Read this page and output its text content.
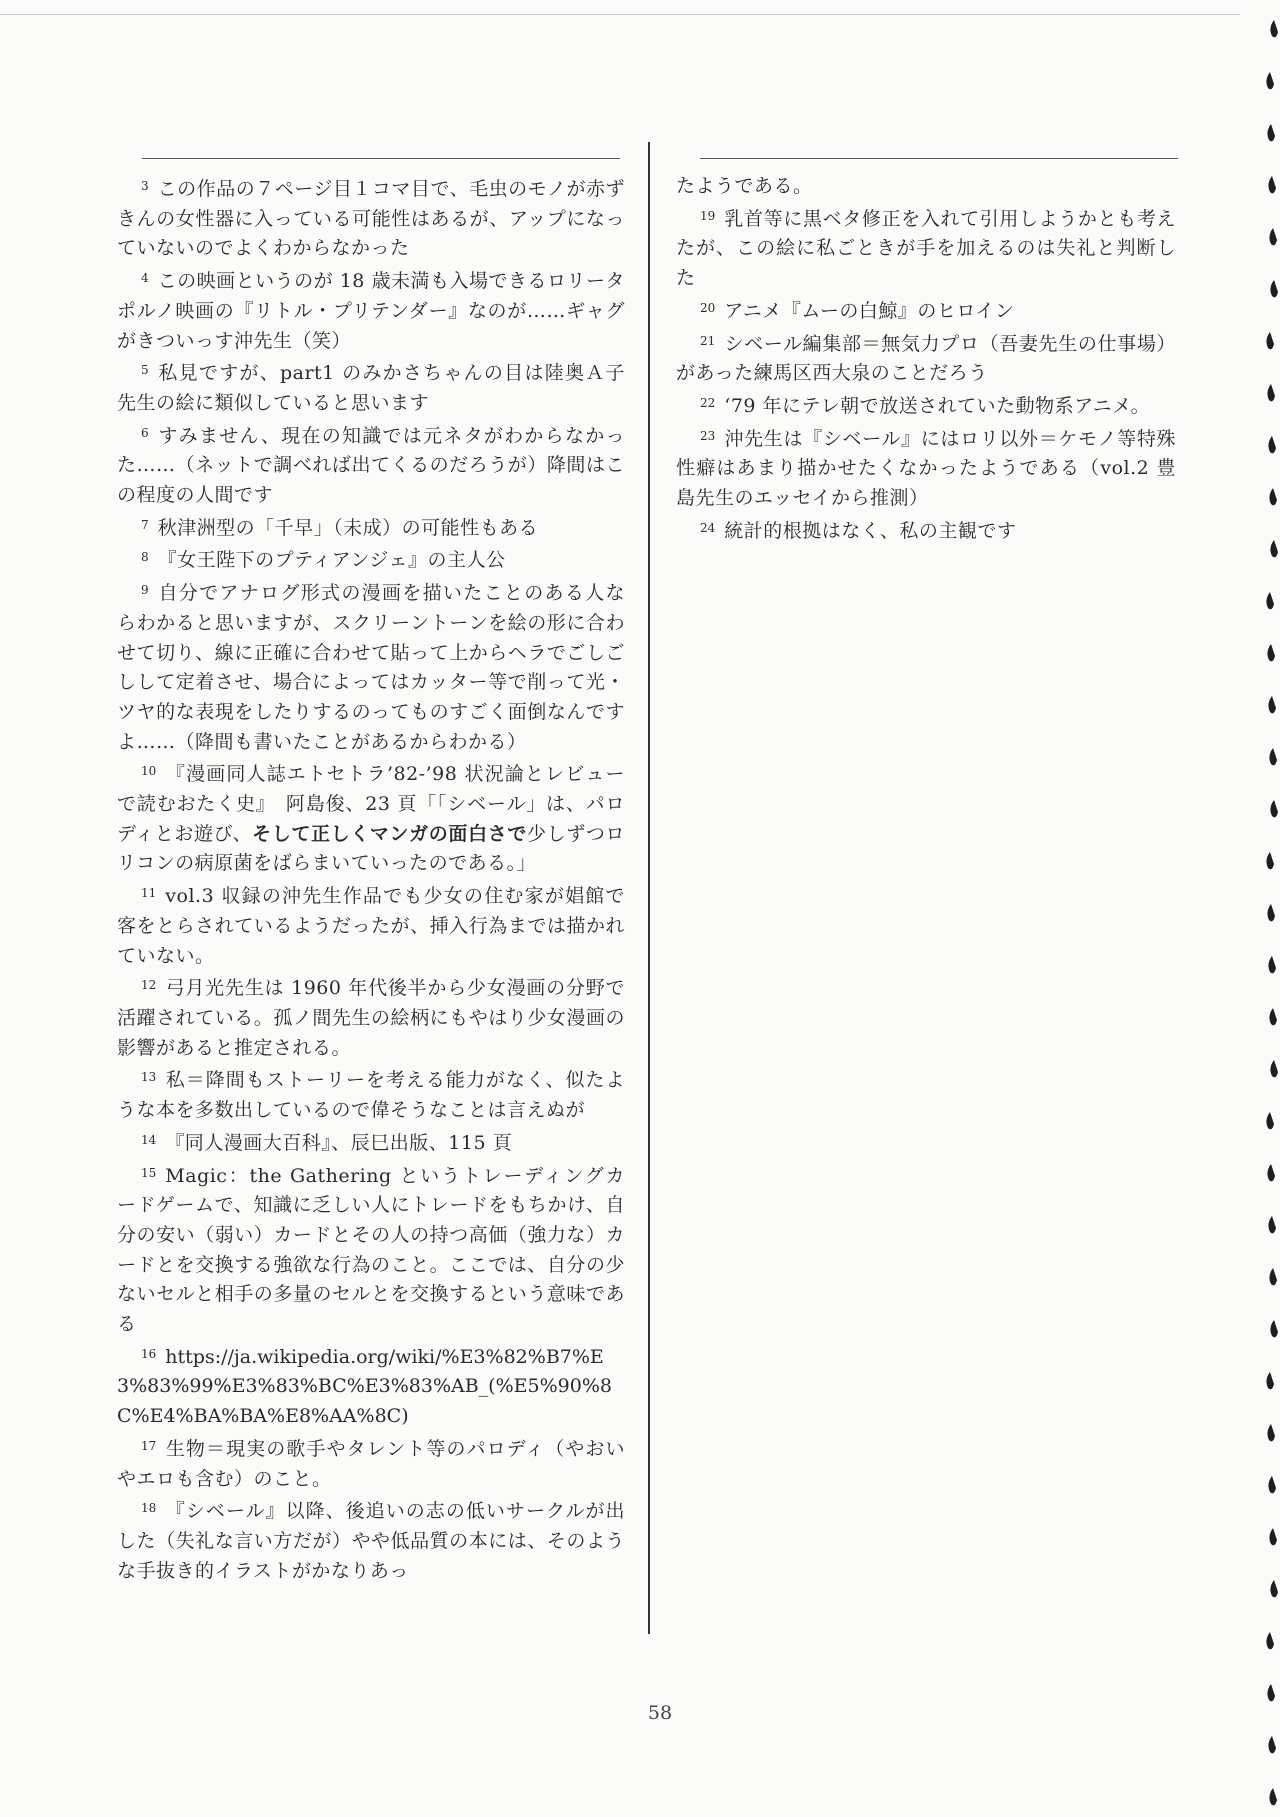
$^3$ この作品の７ページ目１コマ目で、毛虫のモノが赤ずきんの女性器に入っている可能性はあるが、アップになっていないのでよくわからなかった

$^4$ この映画というのが 18 歳未満も入場できるロリータポルノ映画の『リトル・プリテンダー』なのが……ギャグがきついっす沖先生（笑）

$^5$ 私見ですが、part1 のみかさちゃんの目は陸奥Ａ子先生の絵に類似していると思います

$^6$ すみません、現在の知識では元ネタがわからなかった……（ネットで調べれば出てくるのだろうが）降間はこの程度の人間です

$^7$ 秋津洲型の「千早」（未成）の可能性もある

$^8$ 『女王陛下のプティアンジェ』の主人公

$^9$ 自分でアナログ形式の漫画を描いたことのある人ならわかると思いますが、スクリーントーンを絵の形に合わせて切り、線に正確に合わせて貼って上からヘラでごしごしして定着させ、場合によってはカッター等で削って光・ツヤ的な表現をしたりするのってものすごく面倒なんですよ……（降間も書いたことがあるからわかる）

$^{10}$ 『漫画同人誌エトセトラ’82-’98 状況論とレビューで読むおたく史』　阿島俊、23 頁「「シベール」は、パロディとお遊び、そして正しくマンガの面白さで少しずつロリコンの病原菌をばらまいていったのである。」

$^{11}$ vol.3 収録の沖先生作品でも少女の住む家が娼館で客をとらされているようだったが、挿入行為までは描かれていない。

$^{12}$ 弓月光先生は 1960 年代後半から少女漫画の分野で活躍されている。孤ノ間先生の絵柄にもやはり少女漫画の影響があると推定される。

$^{13}$ 私＝降間もストーリーを考える能力がなく、似たような本を多数出しているので偉そうなことは言えぬが

$^{14}$ 『同人漫画大百科』、辰巳出版、115 頁

$^{15}$ Magic：the Gathering というトレーディングカードゲームで、知識に乏しい人にトレードをもちかけ、自分の安い（弱い）カードとその人の持つ高価（強力な）カードとを交換する強欲な行為のこと。ここでは、自分の少ないセルと相手の多量のセルとを交換するという意味である

$^{16}$ https://ja.wikipedia.org/wiki/%E3%82%B7%E3%83%99%E3%83%BC%E3%83%AB_(%E5%90%8C%E4%BA%BA%E8%AA%8C)

$^{17}$ 生物＝現実の歌手やタレント等のパロディ（やおいやエロも含む）のこと。

$^{18}$ 『シベール』以降、後追いの志の低いサークルが出した（失礼な言い方だが）やや低品質の本には、そのような手抜き的イラストがかなりあっ

たようである。

$^{19}$ 乳首等に黒ベタ修正を入れて引用しようかとも考えたが、この絵に私ごときが手を加えるのは失礼と判断した

$^{20}$ アニメ『ムーの白鯨』のヒロイン

$^{21}$ シベール編集部＝無気力プロ（吾妻先生の仕事場）があった練馬区西大泉のことだろう

$^{22}$ ‘79 年にテレ朝で放送されていた動物系アニメ。

$^{23}$ 沖先生は『シベール』にはロリ以外＝ケモノ等特殊性癖はあまり描かせたくなかったようである（vol.2 豊島先生のエッセイから推測）

$^{24}$ 統計的根拠はなく、私の主観です

58
